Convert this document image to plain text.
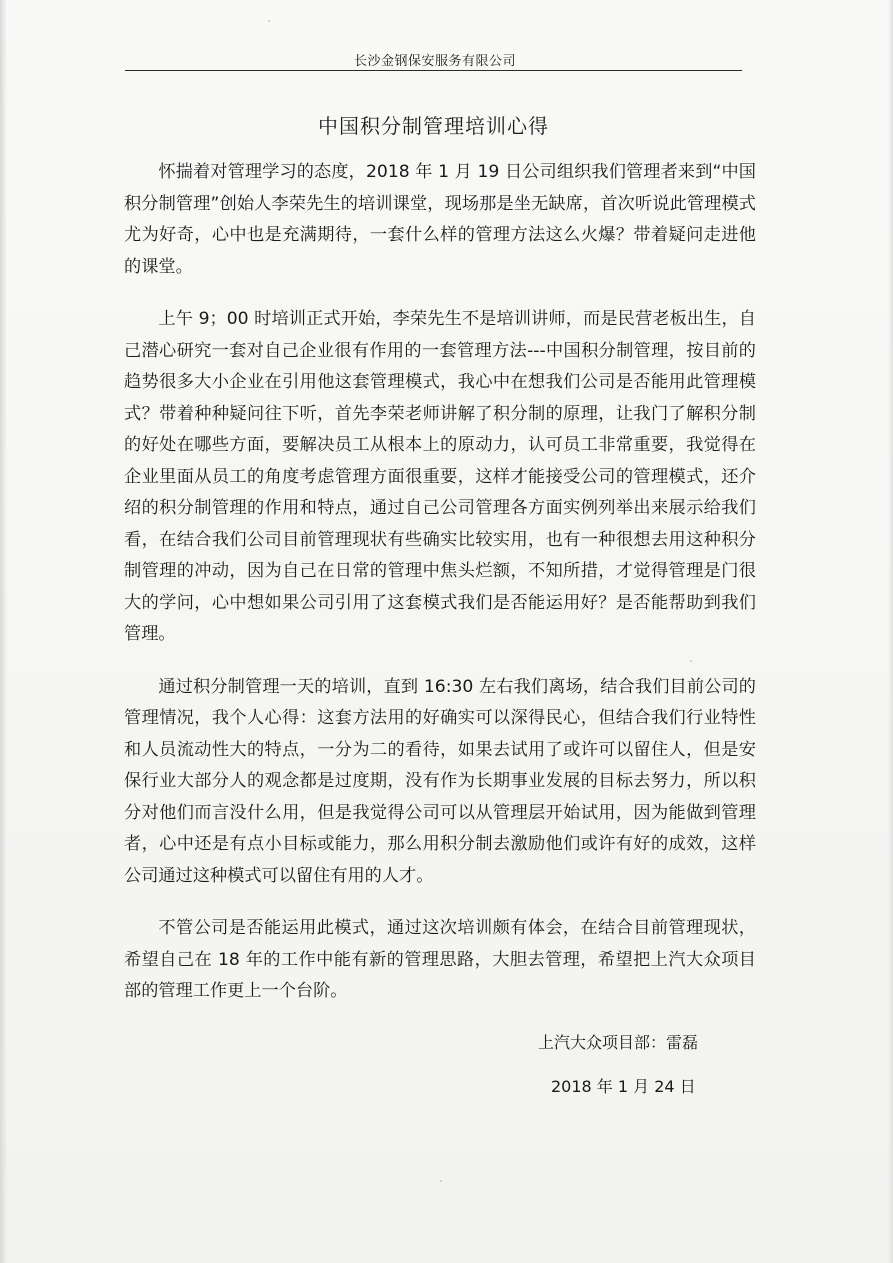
长沙金钢保安服务有限公司
中国积分制管理培训心得

怀揣着对管理学习的态度，2018 年 1 月 19 日公司组织我们管理者来到“中国积分制管理”创始人李荣先生的培训课堂，现场那是坐无缺席，首次听说此管理模式尤为好奇，心中也是充满期待，一套什么样的管理方法这么火爆？带着疑问走进他的课堂。

上午 9；00 时培训正式开始，李荣先生不是培训讲师，而是民营老板出生，自己潜心研究一套对自己企业很有作用的一套管理方法---中国积分制管理，按目前的趋势很多大小企业在引用他这套管理模式，我心中在想我们公司是否能用此管理模式？带着种种疑问往下听，首先李荣老师讲解了积分制的原理，让我门了解积分制的好处在哪些方面，要解决员工从根本上的原动力，认可员工非常重要，我觉得在企业里面从员工的角度考虑管理方面很重要，这样才能接受公司的管理模式，还介绍的积分制管理的作用和特点，通过自己公司管理各方面实例列举出来展示给我们看，在结合我们公司目前管理现状有些确实比较实用，也有一种很想去用这种积分制管理的冲动，因为自己在日常的管理中焦头烂额，不知所措，才觉得管理是门很大的学问，心中想如果公司引用了这套模式我们是否能运用好？是否能帮助到我们管理。

通过积分制管理一天的培训，直到 16:30 左右我们离场，结合我们目前公司的管理情况，我个人心得：这套方法用的好确实可以深得民心，但结合我们行业特性和人员流动性大的特点，一分为二的看待，如果去试用了或许可以留住人，但是安保行业大部分人的观念都是过度期，没有作为长期事业发展的目标去努力，所以积分对他们而言没什么用，但是我觉得公司可以从管理层开始试用，因为能做到管理者，心中还是有点小目标或能力，那么用积分制去激励他们或许有好的成效，这样公司通过这种模式可以留住有用的人才。

不管公司是否能运用此模式，通过这次培训颇有体会，在结合目前管理现状，希望自己在 18 年的工作中能有新的管理思路，大胆去管理，希望把上汽大众项目部的管理工作更上一个台阶。

上汽大众项目部：雷磊
2018 年 1 月 24 日
